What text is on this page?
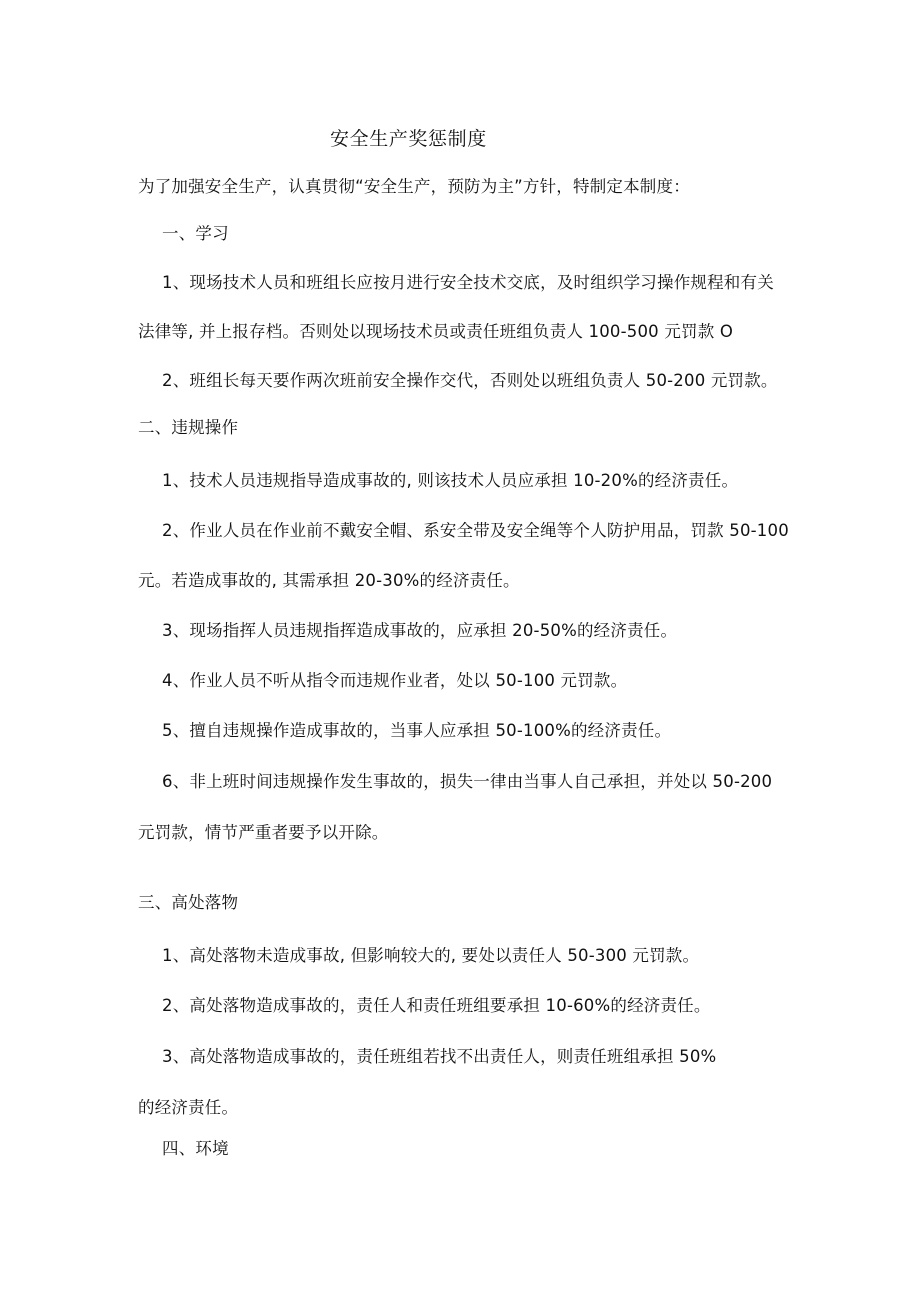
安全生产奖惩制度
为了加强安全生产，认真贯彻“安全生产，预防为主”方针，特制定本制度：
一、学习
1、现场技术人员和班组长应按月进行安全技术交底，及时组织学习操作规程和有关
法律等, 并上报存档。否则处以现场技术员或责任班组负责人 100-500 元罚款 O
2、班组长每天要作两次班前安全操作交代，否则处以班组负责人 50-200 元罚款。
二、违规操作
1、技术人员违规指导造成事故的, 则该技术人员应承担 10-20%的经济责任。
2、作业人员在作业前不戴安全帽、系安全带及安全绳等个人防护用品，罚款 50-100
元。若造成事故的, 其需承担 20-30%的经济责任。
3、现场指挥人员违规指挥造成事故的，应承担 20-50%的经济责任。
4、作业人员不听从指令而违规作业者，处以 50-100 元罚款。
5、擅自违规操作造成事故的，当事人应承担 50-100%的经济责任。
6、非上班时间违规操作发生事故的，损失一律由当事人自己承担，并处以 50-200
元罚款，情节严重者要予以开除。
三、高处落物
1、高处落物未造成事故, 但影响较大的, 要处以责任人 50-300 元罚款。
2、高处落物造成事故的，责任人和责任班组要承担 10-60%的经济责任。
3、高处落物造成事故的，责任班组若找不出责任人，则责任班组承担 50%
的经济责任。
四、环境
